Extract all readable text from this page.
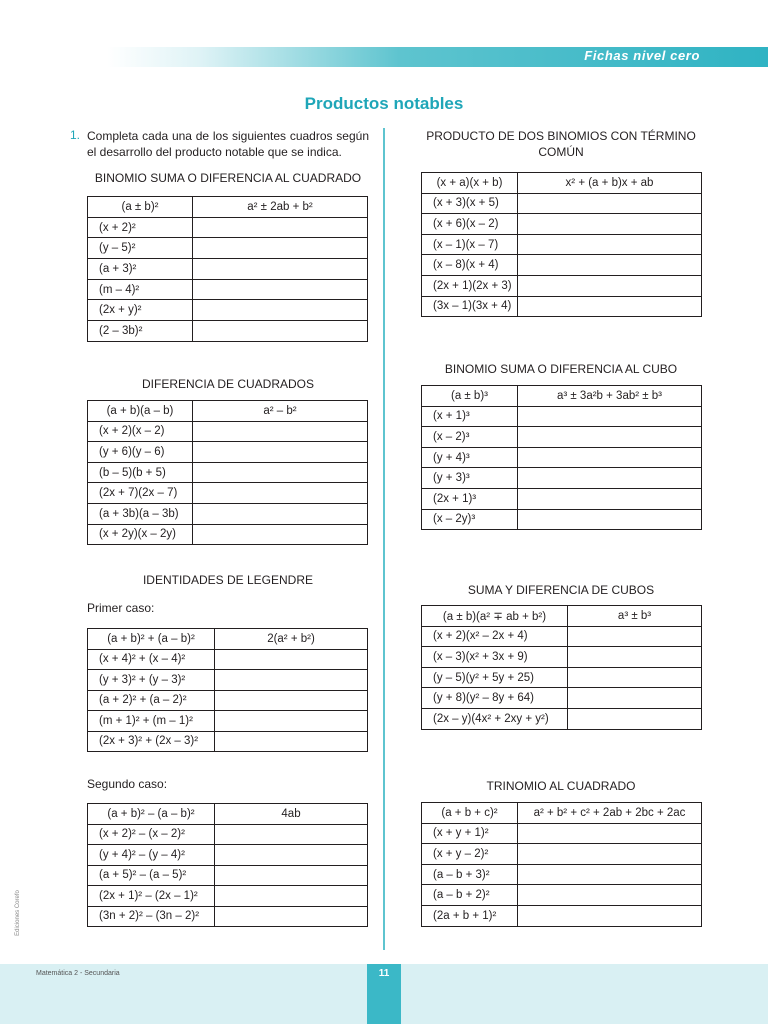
Fichas nivel cero
Productos notables
1. Completa cada una de los siguientes cuadros según el desarrollo del producto notable que se indica.
BINOMIO SUMA O DIFERENCIA AL CUADRADO
(a ± b)²	a² ± 2ab + b²
(x + 2)²	
(y – 5)²	
(a + 3)²	
(m – 4)²	
(2x + y)²	
(2 – 3b)²	
DIFERENCIA DE CUADRADOS
(a + b)(a – b)	a² – b²
(x + 2)(x – 2)	
(y + 6)(y – 6)	
(b – 5)(b + 5)	
(2x + 7)(2x – 7)	
(a + 3b)(a – 3b)	
(x + 2y)(x – 2y)	
IDENTIDADES DE LEGENDRE
Primer caso:
(a + b)² + (a – b)²	2(a² + b²)
(x + 4)² + (x – 4)²	
(y + 3)² + (y – 3)²	
(a + 2)² + (a – 2)²	
(m + 1)² + (m – 1)²	
(2x + 3)² + (2x – 3)²	
Segundo caso:
(a + b)² – (a – b)²	4ab
(x + 2)² – (x – 2)²	
(y + 4)² – (y – 4)²	
(a + 5)² – (a – 5)²	
(2x + 1)² – (2x – 1)²	
(3n + 2)² – (3n – 2)²	
PRODUCTO DE DOS BINOMIOS CON TÉRMINO COMÚN
(x + a)(x + b)	x² + (a + b)x + ab
(x + 3)(x + 5)	
(x + 6)(x – 2)	
(x – 1)(x – 7)	
(x – 8)(x + 4)	
(2x + 1)(2x + 3)	
(3x – 1)(3x + 4)	
BINOMIO SUMA O DIFERENCIA AL CUBO
(a ± b)³	a³ ± 3a²b + 3ab² ± b³
(x + 1)³	
(x – 2)³	
(y + 4)³	
(y + 3)³	
(2x + 1)³	
(x – 2y)³	
SUMA Y DIFERENCIA DE CUBOS
(a ± b)(a² ∓ ab + b²)	a³ ± b³
(x + 2)(x² – 2x + 4)	
(x – 3)(x² + 3x + 9)	
(y – 5)(y² + 5y + 25)	
(y + 8)(y² – 8y + 64)	
(2x – y)(4x² + 2xy + y²)	
TRINOMIO AL CUADRADO
(a + b + c)²	a² + b² + c² + 2ab + 2bc + 2ac
(x + y + 1)²	
(x + y – 2)²	
(a – b + 3)²	
(a – b + 2)²	
(2a + b + 1)²	
Ediciones Corefo
Matemática 2 - Secundaria	11
